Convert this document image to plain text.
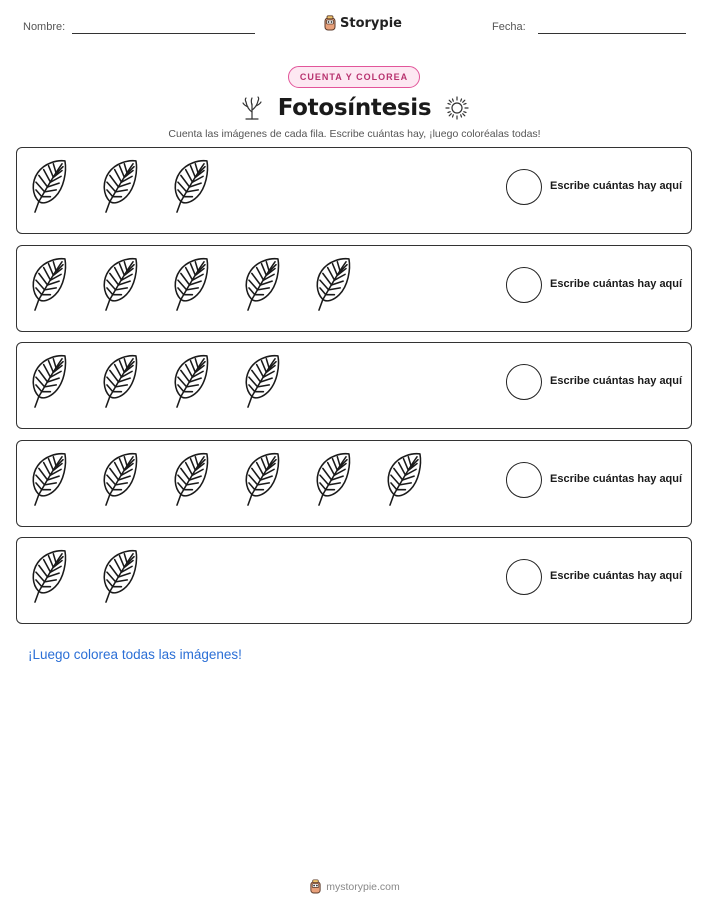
Nombre:	Fecha:
Storypie
CUENTA Y COLOREA
Fotosíntesis
Cuenta las imágenes de cada fila. Escribe cuántas hay, ¡luego coloréalas todas!
Escribe cuántas hay aquí
Escribe cuántas hay aquí
Escribe cuántas hay aquí
Escribe cuántas hay aquí
Escribe cuántas hay aquí
¡Luego colorea todas las imágenes!
mystorypie.com
